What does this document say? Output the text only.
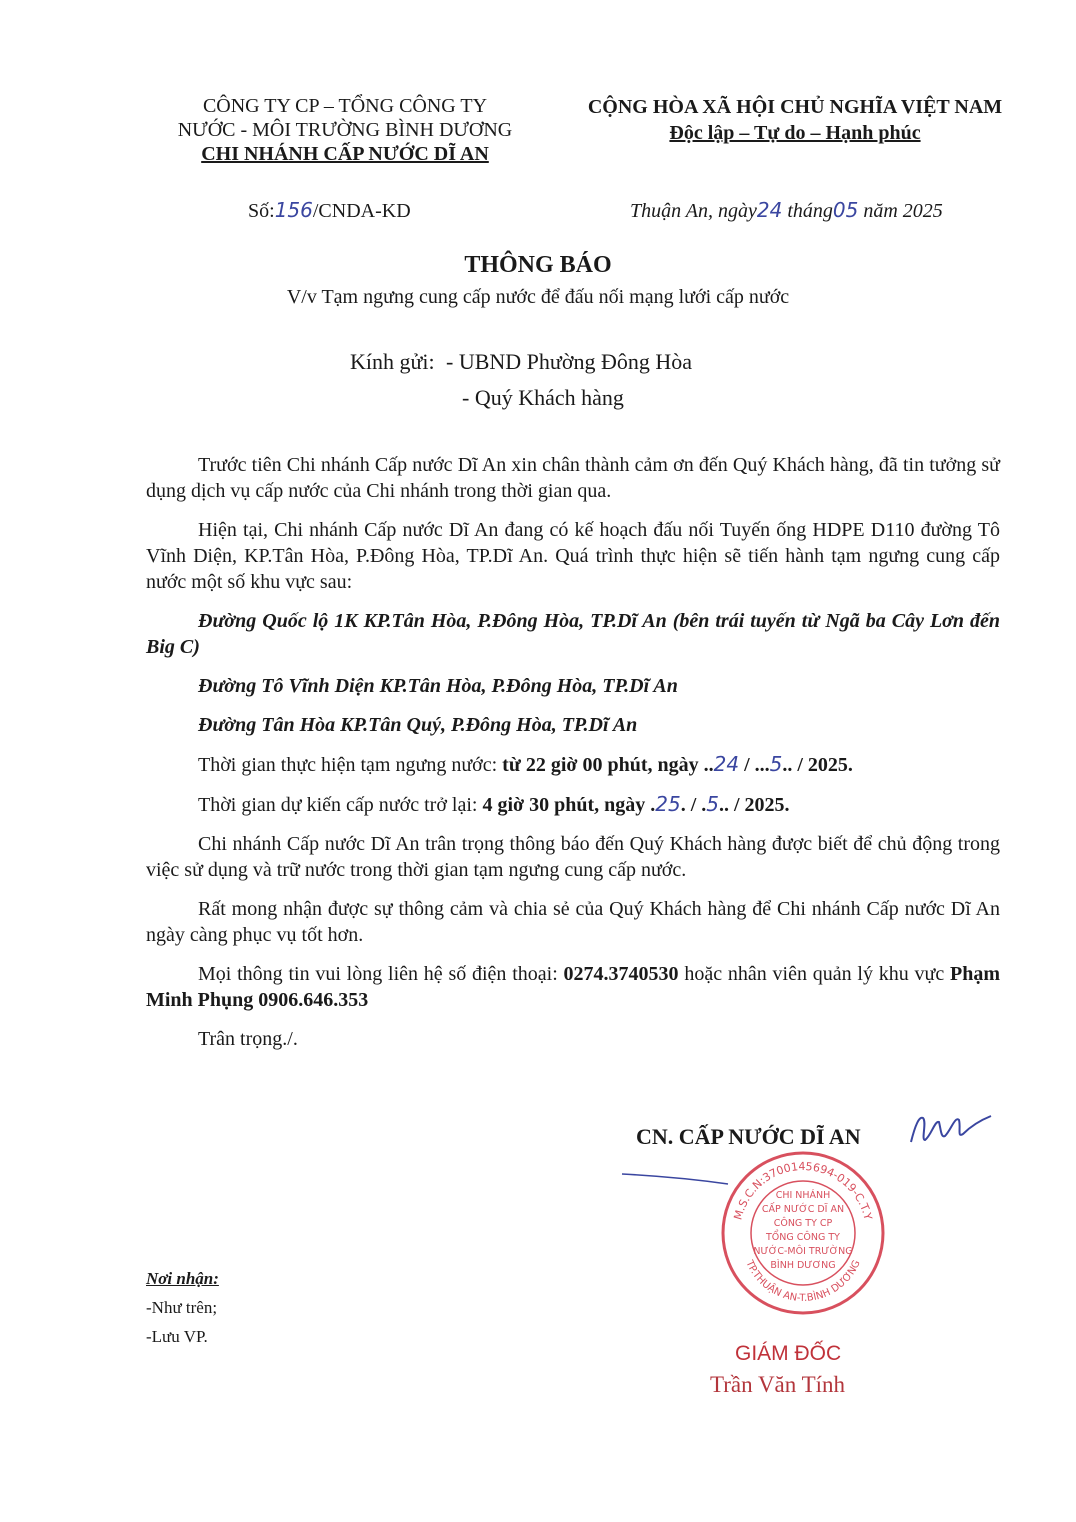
CÔNG TY CP – TỔNG CÔNG TY
NƯỚC - MÔI TRƯỜNG BÌNH DƯƠNG
CHI NHÁNH CẤP NƯỚC DĨ AN
CỘNG HÒA XÃ HỘI CHỦ NGHĨA VIỆT NAM
Độc lập – Tự do – Hạnh phúc
Số:156/CNDA-KD	Thuận An, ngày24 tháng05 năm 2025
THÔNG BÁO
V/v Tạm ngưng cung cấp nước để đấu nối mạng lưới cấp nước
Kính gửi: - UBND Phường Đông Hòa
- Quý Khách hàng

Trước tiên Chi nhánh Cấp nước Dĩ An xin chân thành cảm ơn đến Quý Khách hàng, đã tin tưởng sử dụng dịch vụ cấp nước của Chi nhánh trong thời gian qua.

Hiện tại, Chi nhánh Cấp nước Dĩ An đang có kế hoạch đấu nối Tuyến ống HDPE D110 đường Tô Vĩnh Diện, KP.Tân Hòa, P.Đông Hòa, TP.Dĩ An. Quá trình thực hiện sẽ tiến hành tạm ngưng cung cấp nước một số khu vực sau:

Đường Quốc lộ 1K KP.Tân Hòa, P.Đông Hòa, TP.Dĩ An (bên trái tuyến từ Ngã ba Cây Lơn đến Big C)

Đường Tô Vĩnh Diện KP.Tân Hòa, P.Đông Hòa, TP.Dĩ An

Đường Tân Hòa KP.Tân Quý, P.Đông Hòa, TP.Dĩ An

Thời gian thực hiện tạm ngưng nước: từ 22 giờ 00 phút, ngày ..24 / ...5.. / 2025.

Thời gian dự kiến cấp nước trở lại: 4 giờ 30 phút, ngày .25. / .5.. / 2025.

Chi nhánh Cấp nước Dĩ An trân trọng thông báo đến Quý Khách hàng được biết để chủ động trong việc sử dụng và trữ nước trong thời gian tạm ngưng cung cấp nước.

Rất mong nhận được sự thông cảm và chia sẻ của Quý Khách hàng để Chi nhánh Cấp nước Dĩ An ngày càng phục vụ tốt hơn.

Mọi thông tin vui lòng liên hệ số điện thoại: 0274.3740530 hoặc nhân viên quản lý khu vực Phạm Minh Phụng 0906.646.353

Trân trọng./.

CN. CẤP NƯỚC DĨ AN
M.S.C.N:3700145694-019-C.T.Y
TP.THUẬN AN-T.BÌNH DƯƠNG
CHI NHÁNH
CẤP NƯỚC DĨ AN
CÔNG TY CP
TỔNG CÔNG TY
NƯỚC-MÔI TRƯỜNG
BÌNH DƯƠNG
GIÁM ĐỐC
Trần Văn Tính
Nơi nhận:
-Như trên;
-Lưu VP.
